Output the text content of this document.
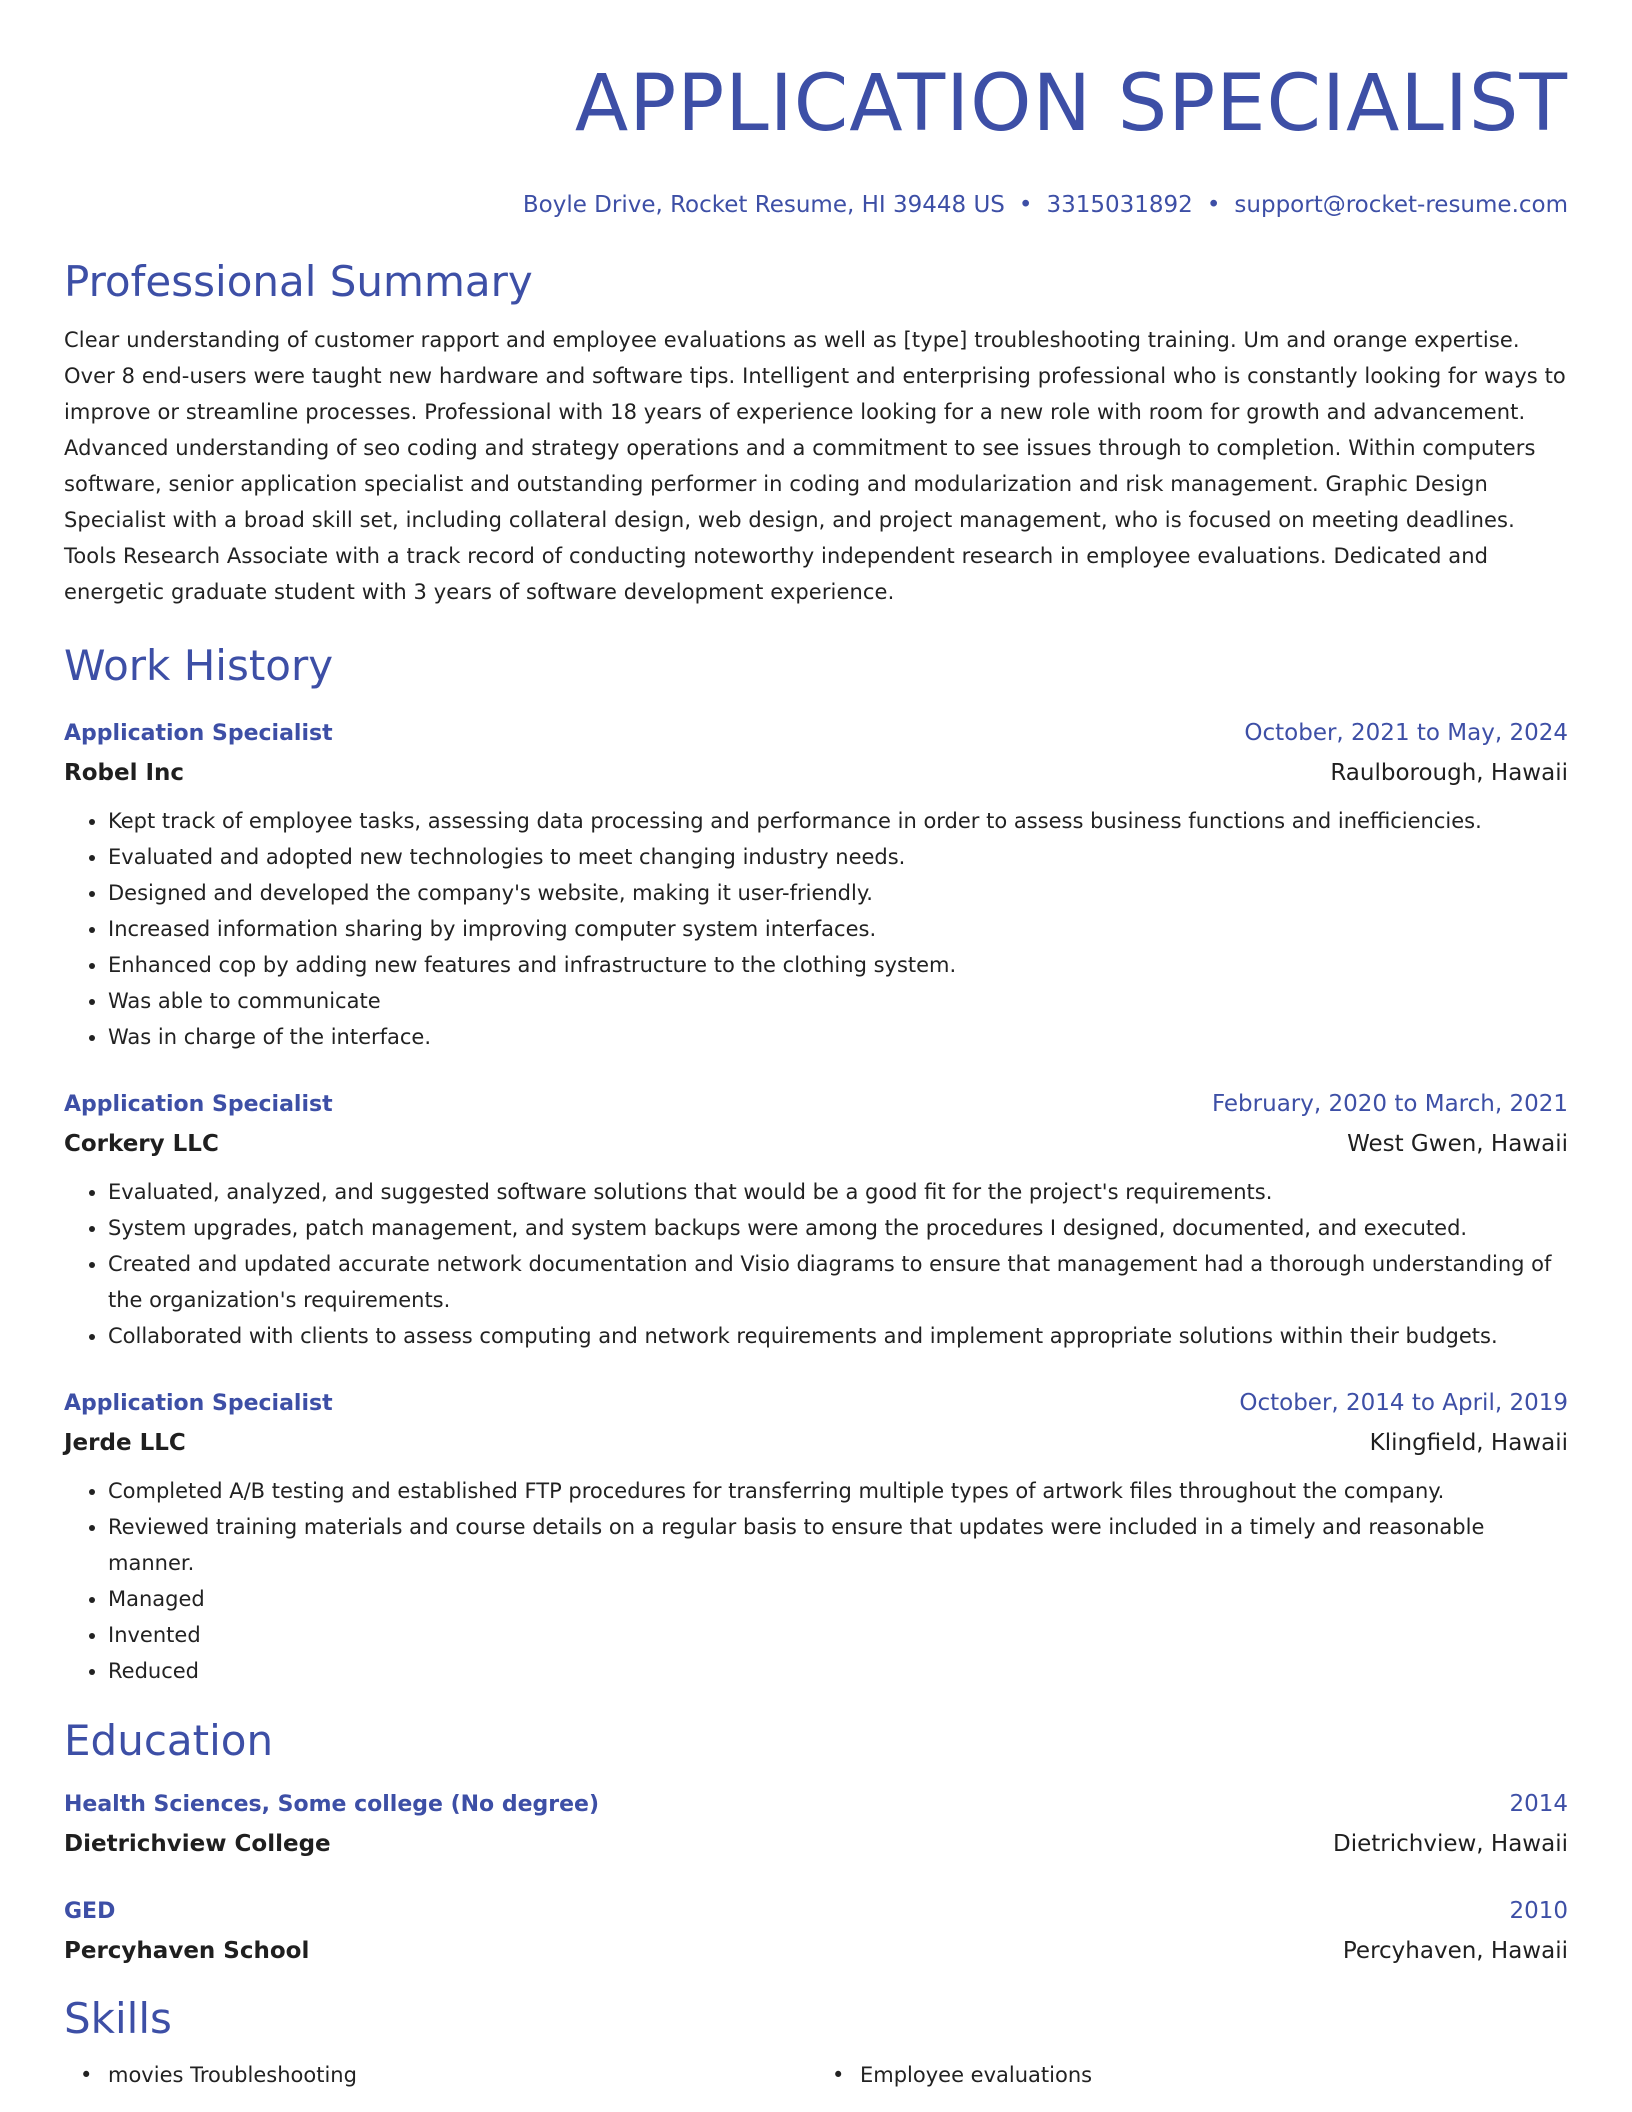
APPLICATION SPECIALIST
Boyle Drive, Rocket Resume, HI 39448 US • 3315031892 • support@rocket-resume.com
Professional Summary

Clear understanding of customer rapport and employee evaluations as well as [type] troubleshooting training. Um and orange expertise. Over 8 end-users were taught new hardware and software tips. Intelligent and enterprising professional who is constantly looking for ways to improve or streamline processes. Professional with 18 years of experience looking for a new role with room for growth and advancement. Advanced understanding of seo coding and strategy operations and a commitment to see issues through to completion. Within computers software, senior application specialist and outstanding performer in coding and modularization and risk management. Graphic Design Specialist with a broad skill set, including collateral design, web design, and project management, who is focused on meeting deadlines. Tools Research Associate with a track record of conducting noteworthy independent research in employee evaluations. Dedicated and energetic graduate student with 3 years of software development experience.

Work History
Application Specialist	October, 2021 to May, 2024
Robel Inc	Raulborough, Hawaii
• Kept track of employee tasks, assessing data processing and performance in order to assess business functions and inefficiencies.
• Evaluated and adopted new technologies to meet changing industry needs.
• Designed and developed the company's website, making it user-friendly.
• Increased information sharing by improving computer system interfaces.
• Enhanced cop by adding new features and infrastructure to the clothing system.
• Was able to communicate
• Was in charge of the interface.
Application Specialist	February, 2020 to March, 2021
Corkery LLC	West Gwen, Hawaii
• Evaluated, analyzed, and suggested software solutions that would be a good fit for the project's requirements.
• System upgrades, patch management, and system backups were among the procedures I designed, documented, and executed.
• Created and updated accurate network documentation and Visio diagrams to ensure that management had a thorough understanding of the organization's requirements.
• Collaborated with clients to assess computing and network requirements and implement appropriate solutions within their budgets.
Application Specialist	October, 2014 to April, 2019
Jerde LLC	Klingfield, Hawaii
• Completed A/B testing and established FTP procedures for transferring multiple types of artwork files throughout the company.
• Reviewed training materials and course details on a regular basis to ensure that updates were included in a timely and reasonable manner.
• Managed
• Invented
• Reduced
Education
Health Sciences, Some college (No degree)	2014
Dietrichview College	Dietrichview, Hawaii
GED	2010
Percyhaven School	Percyhaven, Hawaii
Skills
• movies Troubleshooting
•	Employee evaluations
